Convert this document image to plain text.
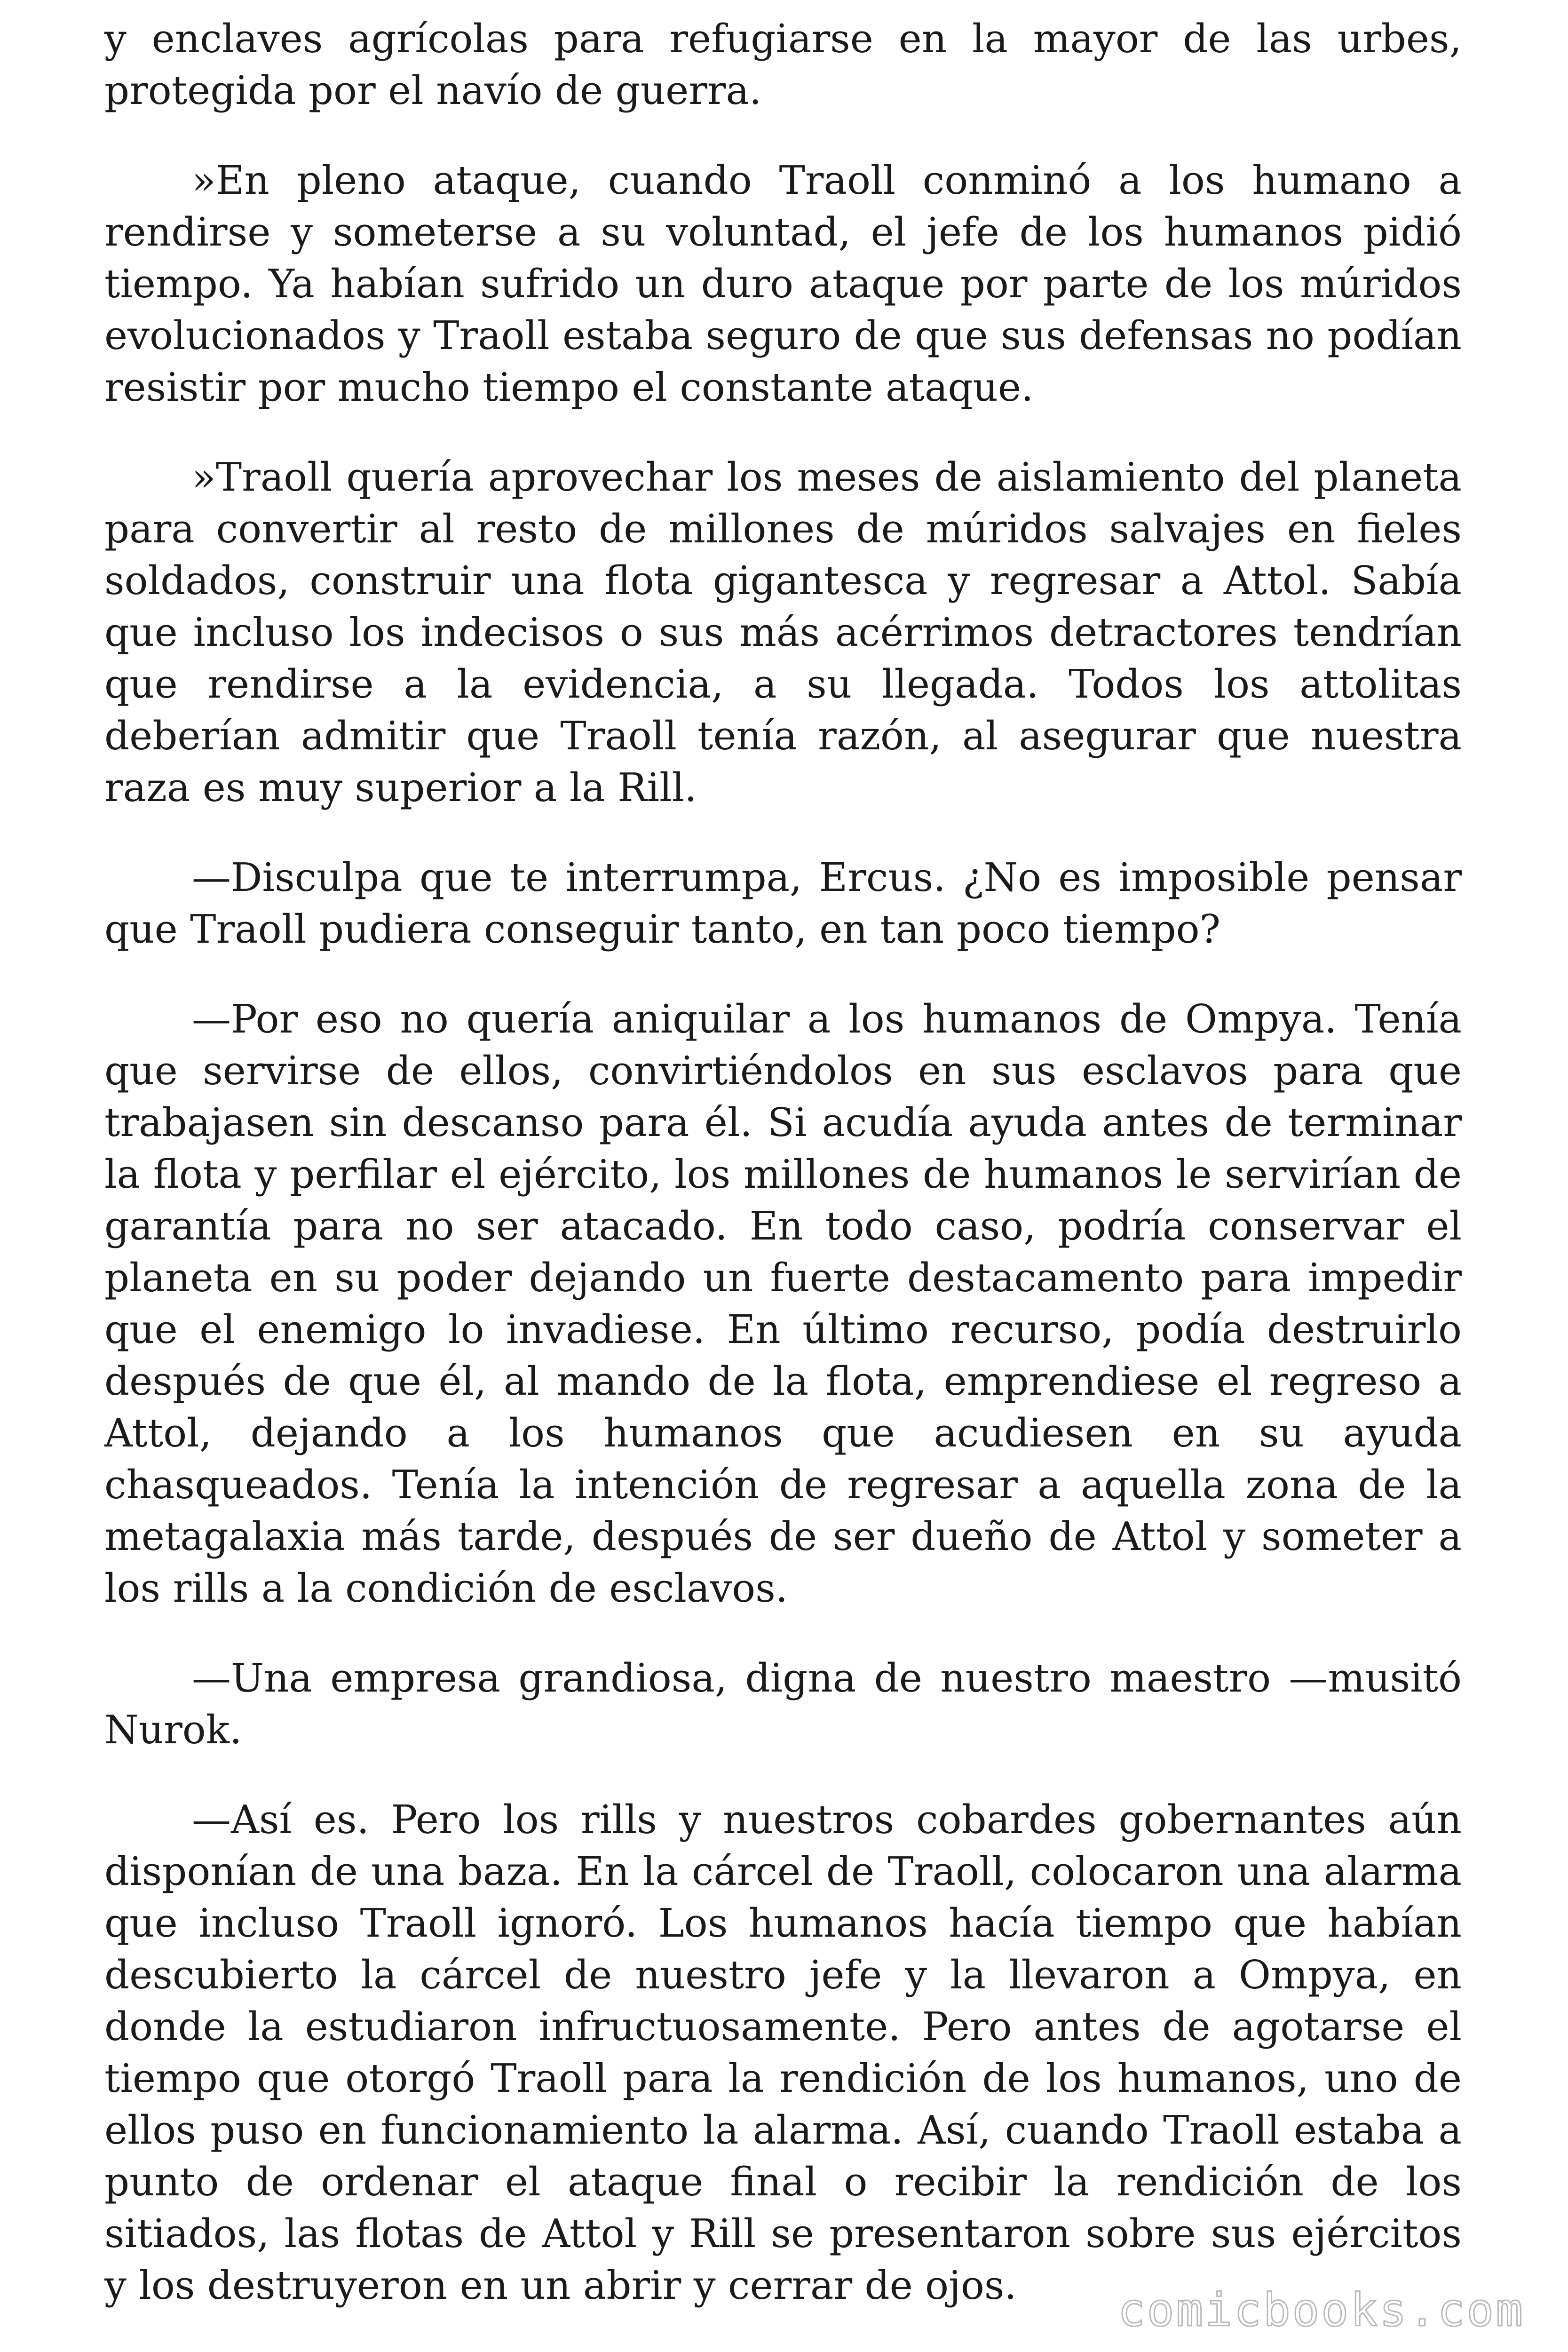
y enclaves agrícolas para refugiarse en la mayor de las urbes, protegida por el navío de guerra.

»En pleno ataque, cuando Traoll conminó a los humano a rendirse y someterse a su voluntad, el jefe de los humanos pidió tiempo. Ya habían sufrido un duro ataque por parte de los múridos evolucionados y Traoll estaba seguro de que sus defensas no podían resistir por mucho tiempo el constante ataque.

»Traoll quería aprovechar los meses de aislamiento del planeta para convertir al resto de millones de múridos salvajes en fieles soldados, construir una flota gigantesca y regresar a Attol. Sabía que incluso los indecisos o sus más acérrimos detractores tendrían que rendirse a la evidencia, a su llegada. Todos los attolitas deberían admitir que Traoll tenía razón, al asegurar que nuestra raza es muy superior a la Rill.

—Disculpa que te interrumpa, Ercus. ¿No es imposible pensar que Traoll pudiera conseguir tanto, en tan poco tiempo?

—Por eso no quería aniquilar a los humanos de Ompya. Tenía que servirse de ellos, convirtiéndolos en sus esclavos para que trabajasen sin descanso para él. Si acudía ayuda antes de terminar la flota y perfilar el ejército, los millones de humanos le servirían de garantía para no ser atacado. En todo caso, podría conservar el planeta en su poder dejando un fuerte destacamento para impedir que el enemigo lo invadiese. En último recurso, podía destruirlo después de que él, al mando de la flota, emprendiese el regreso a Attol, dejando a los humanos que acudiesen en su ayuda chasqueados. Tenía la intención de regresar a aquella zona de la metagalaxia más tarde, después de ser dueño de Attol y someter a los rills a la condición de esclavos.

—Una empresa grandiosa, digna de nuestro maestro —musitó Nurok.

—Así es. Pero los rills y nuestros cobardes gobernantes aún disponían de una baza. En la cárcel de Traoll, colocaron una alarma que incluso Traoll ignoró. Los humanos hacía tiempo que habían descubierto la cárcel de nuestro jefe y la llevaron a Ompya, en donde la estudiaron infructuosamente. Pero antes de agotarse el tiempo que otorgó Traoll para la rendición de los humanos, uno de ellos puso en funcionamiento la alarma. Así, cuando Traoll estaba a punto de ordenar el ataque final o recibir la rendición de los sitiados, las flotas de Attol y Rill se presentaron sobre sus ejércitos y los destruyeron en un abrir y cerrar de ojos.	comicbooks.com
